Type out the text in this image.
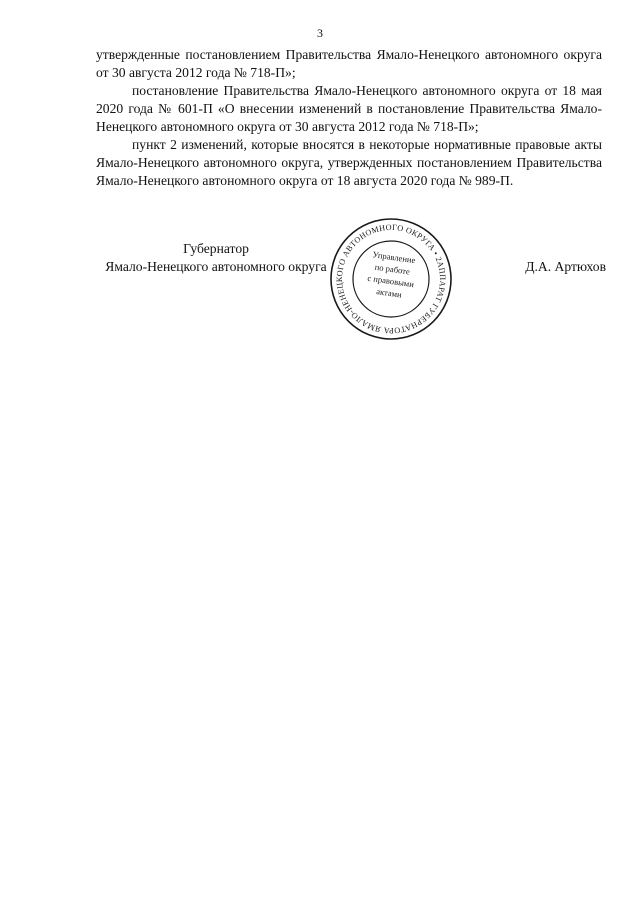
3

утвержденные постановлением Правительства Ямало-Ненецкого автономного округа от 30 августа 2012 года № 718-П»;

постановление Правительства Ямало-Ненецкого автономного округа от 18 мая 2020 года № 601-П «О внесении изменений в постановление Правительства Ямало-Ненецкого автономного округа от 30 августа 2012 года № 718-П»;

пункт 2 изменений, которые вносятся в некоторые нормативные правовые акты Ямало-Ненецкого автономного округа, утвержденных постановлением Правительства Ямало-Ненецкого автономного округа от 18 августа 2020 года № 989-П.

Губернатор
Ямало-Ненецкого автономного округа	Д.А. Артюхов
АППАРАТ ГУБЕРНАТОРА ЯМАЛО-НЕНЕЦКОГО АВТОНОМНОГО ОКРУГА • 2
Управление
по работе
с правовыми
актами
